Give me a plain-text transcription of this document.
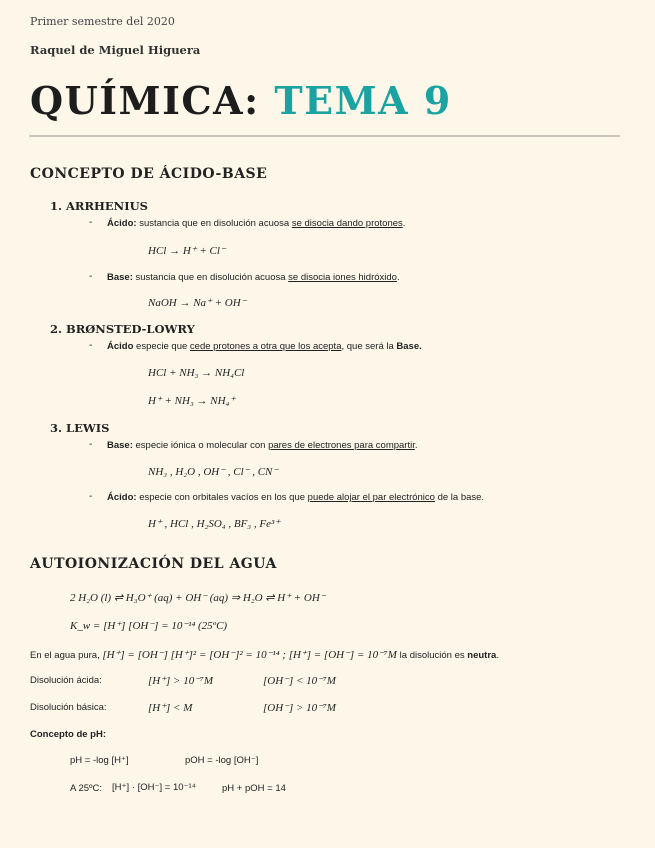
Primer semestre del 2020
Raquel de Miguel Higuera
QUÍMICA: TEMA 9
CONCEPTO DE ÁCIDO-BASE
1. ARRHENIUS
- Ácido: sustancia que en disolución acuosa se disocia dando protones.
HCl → H⁺ + Cl⁻
- Base: sustancia que en disolución acuosa se disocia iones hidróxido.
NaOH → Na⁺ + OH⁻
2. BRØNSTED-LOWRY
- Ácido especie que cede protones a otra que los acepta, que será la Base.
HCl + NH₃ → NH₄Cl
H⁺ + NH₃ → NH₄⁺
3. LEWIS
- Base: especie iónica o molecular con pares de electrones para compartir.
NH₃ , H₂O , OH⁻ , Cl⁻ , CN⁻
- Ácido: especie con orbitales vacíos en los que puede alojar el par electrónico de la base.
H⁺ , HCl , H₂SO₄ , BF₃ , Fe³⁺
AUTOIONIZACIÓN DEL AGUA
2 H₂O (l) ⇌ H₃O⁺ (aq) + OH⁻ (aq) ⇒ H₂O ⇌ H⁺ + OH⁻
K_w = [H⁺] [OH⁻] = 10⁻¹⁴ (25ºC)
En el agua pura, [H⁺] = [OH⁻] [H⁺]² = [OH⁻]² = 10⁻¹⁴ ; [H⁺] = [OH⁻] = 10⁻⁷M la disolución es neutra.
Disolución ácida:	[H⁺] > 10⁻⁷M	[OH⁻] < 10⁻⁷M
Disolución básica:	[H⁺] < M	[OH⁻] > 10⁻⁷M
Concepto de pH:
pH = -log [H⁺]	pOH = -log [OH⁻]
A 25ºC: [H⁺] · [OH⁻] = 10⁻¹⁴	pH + pOH = 14
